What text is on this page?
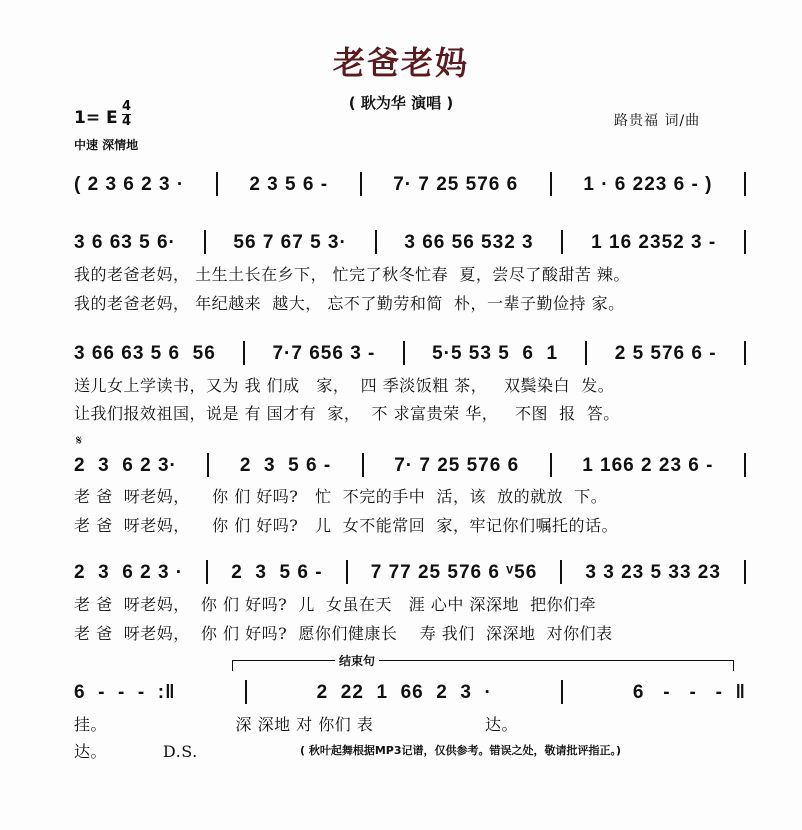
老爸老妈
( 耿为华 演唱 )
1= E
4
4
中速 深情地
路贵福 词/曲
( 2 3 6 2 3 ·	2 3 5 6 -	7· 7 25 576 6	1 · 6 223 6 - )
3 6 63 5 6·	56 7 67 5 3·	3 66 56 532 3	1 16 2352 3 -
我的老爸老妈， 土生土长在乡下， 忙完了秋冬忙春  夏，尝尽了酸甜苦 辣。
我的老爸老妈， 年纪越来  越大， 忘不了勤劳和简  朴，一辈子勤俭持 家。
3 66 63 5 6  56	7·7 656 3 -	5·5 53 5  6  1	2 5 576 6 -
送儿女上学读书，又为 我 们成   家，  四 季淡饭粗 茶，   双鬓染白  发。
让我们报效祖国，说是 有 国才有  家，  不 求富贵荣 华，   不图  报  答。
2  3  6 2 3·	2  3  5 6 -	7· 7 25 576 6	1 166 2 23 6 -
老 爸  呀老妈，    你 们 好吗?   忙  不完的手中  活，该  放的就放  下。
老 爸  呀老妈，    你 们 好吗?   儿  女不能常回  家，牢记你们嘱托的话。
2  3  6 2 3 ·	2  3  5 6 -	7 77 25 576 6 ᵛ56	3 3 23 5 33 23
老 爸  呀老妈，  你 们 好吗?  儿  女虽在天   涯 心中 深深地  把你们牵
老 爸  呀老妈，  你 们 好吗?  愿你们健康长    寿 我们  深深地  对你们表
6  -  -  -  :‖	2  22  1  66  2  3  ·	6   -   -   -  ‖
挂。                       深 深地 对 你们 表                    达。
达。          D.S.
𝄋
结束句
( 秋叶起舞根据MP3记谱，仅供参考。错误之处，敬请批评指正。)
